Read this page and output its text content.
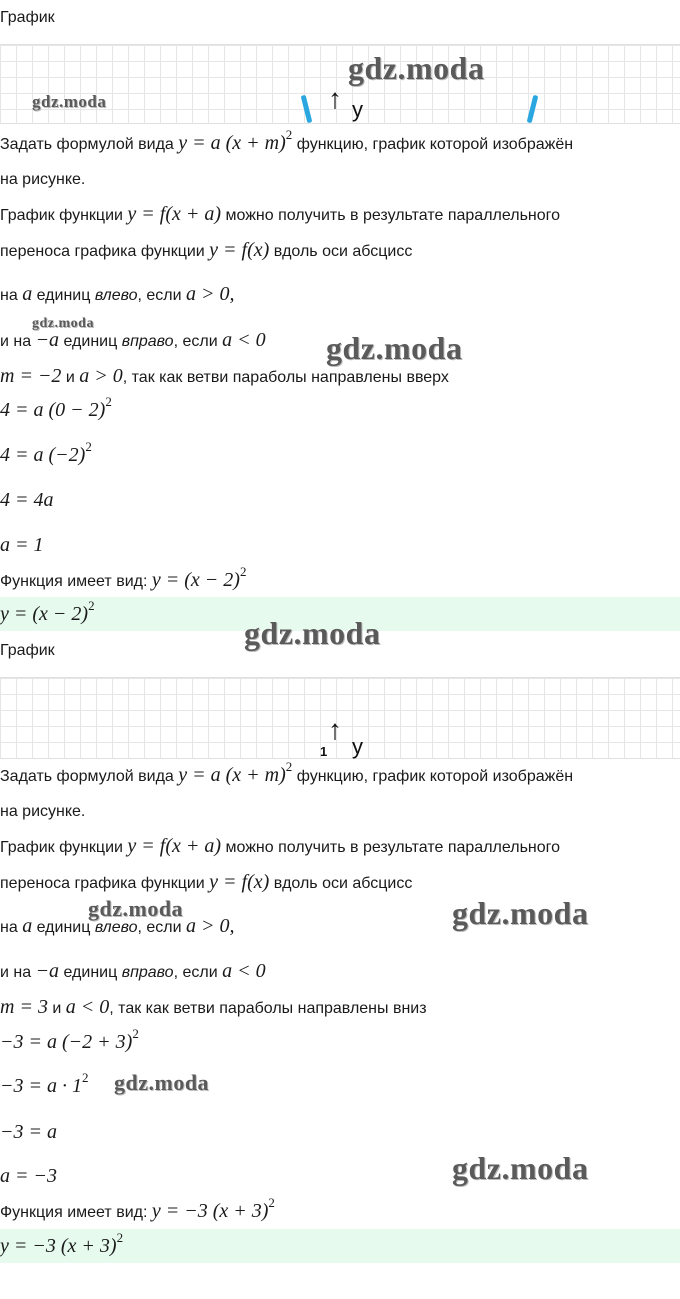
График
↑ y
Задать формулой вида y = a $(x + m)^2$ функцию, график которой изображён
на рисунке.
График функции y = f(x + a) можно получить в результате параллельного
переноса графика функции y = f(x) вдоль оси абсцисс
на a единиц влево, если a > 0,
и на −a единиц вправо, если a < 0
m = −2 и a > 0, так как ветви параболы направлены вверх
4 = a $(0 - 2)^2$
4 = a $(-2)^2$
4 = 4a
a = 1
Функция имеет вид: $y = (x - 2)^2$
$y = (x - 2)^2$
График
↑
y
1
Задать формулой вида y = a $(x + m)^2$ функцию, график которой изображён
на рисунке.
График функции y = f(x + a) можно получить в результате параллельного
переноса графика функции y = f(x) вдоль оси абсцисс
на a единиц влево, если a > 0,
и на −a единиц вправо, если a < 0
m = 3 и a < 0, так как ветви параболы направлены вниз
−3 = a $(-2 + 3)^2$
$-3 = a \cdot 1^2$
−3 = a
a = −3
Функция имеет вид: y = −3 $(x + 3)^2$
y = −3 $(x + 3)^2$
gdz.moda
gdz.moda
gdz.moda
gdz.moda
gdz.moda
gdz.moda	gdz.moda
gdz.moda
gdz.moda
